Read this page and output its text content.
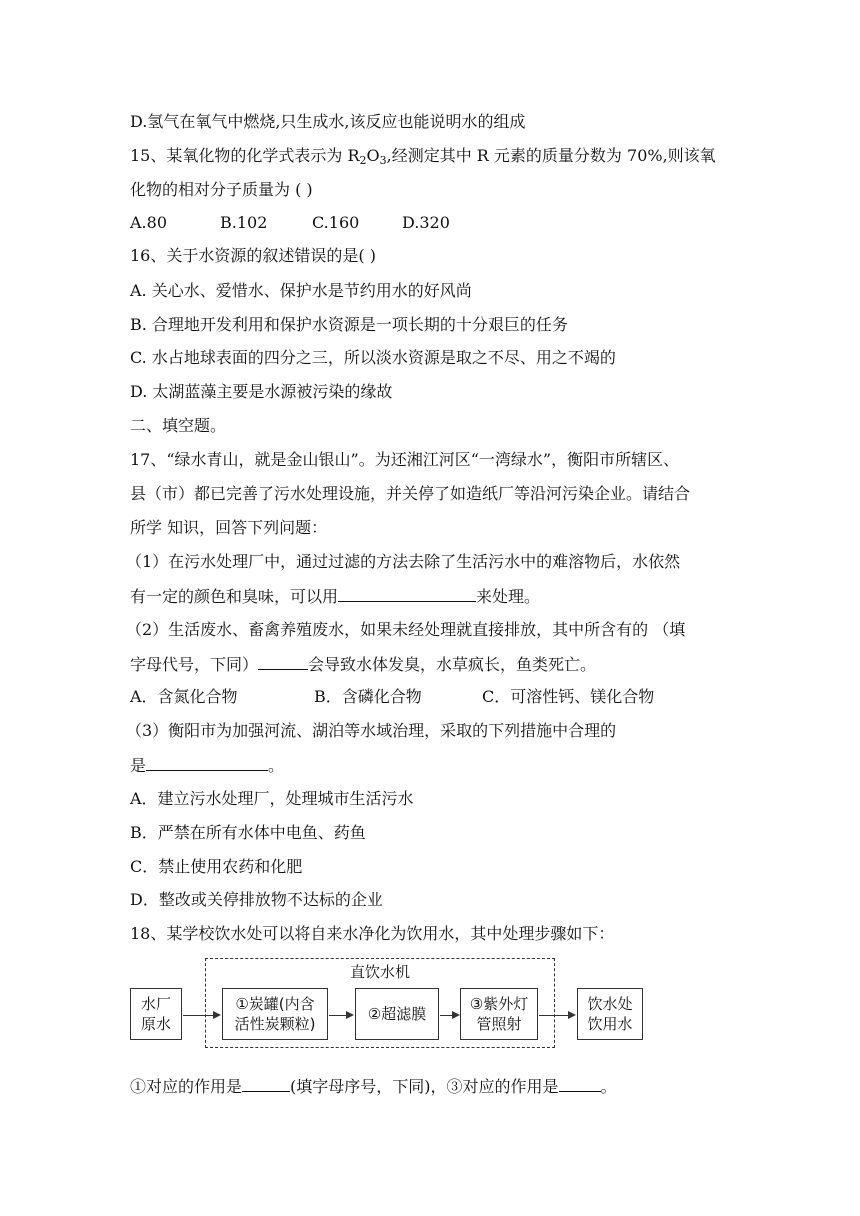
D.氢气在氧气中燃烧,只生成水,该反应也能说明水的组成
15、某氧化物的化学式表示为 $R_2O_3$,经测定其中 R 元素的质量分数为 70%,则该氧
化物的相对分子质量为 ( )
A.80	B.102	C.160	D.320
16、关于水资源的叙述错误的是( )
A. 关心水、爱惜水、保护水是节约用水的好风尚
B. 合理地开发利用和保护水资源是一项长期的十分艰巨的任务
C. 水占地球表面的四分之三，所以淡水资源是取之不尽、用之不竭的
D. 太湖蓝藻主要是水源被污染的缘故
二、填空题。
17、“绿水青山，就是金山银山”。为还湘江河区“一湾绿水”，衡阳市所辖区、
县（市）都已完善了污水处理设施，并关停了如造纸厂等沿河污染企业。请结合
所学 知识，回答下列问题：
（1）在污水处理厂中，通过过滤的方法去除了生活污水中的难溶物后，水依然
有一定的颜色和臭味，可以用	来处理。
（2）生活废水、畜禽养殖废水，如果未经处理就直接排放，其中所含有的 （填
字母代号，下同）	会导致水体发臭，水草疯长，鱼类死亡。
A．含氮化合物	B．含磷化合物	C．可溶性钙、镁化合物
（3）衡阳市为加强河流、湖泊等水域治理，采取的下列措施中合理的
是	。
A．建立污水处理厂，处理城市生活污水
B．严禁在所有水体中电鱼、药鱼
C．禁止使用农药和化肥
D．整改或关停排放物不达标的企业
18、某学校饮水处可以将自来水净化为饮用水，其中处理步骤如下：
直饮水机
水厂
原水
①炭罐(内含
活性炭颗粒)
②超滤膜
③紫外灯
管照射
饮水处
饮用水
①对应的作用是	(填字母序号，下同)，③对应的作用是	。
